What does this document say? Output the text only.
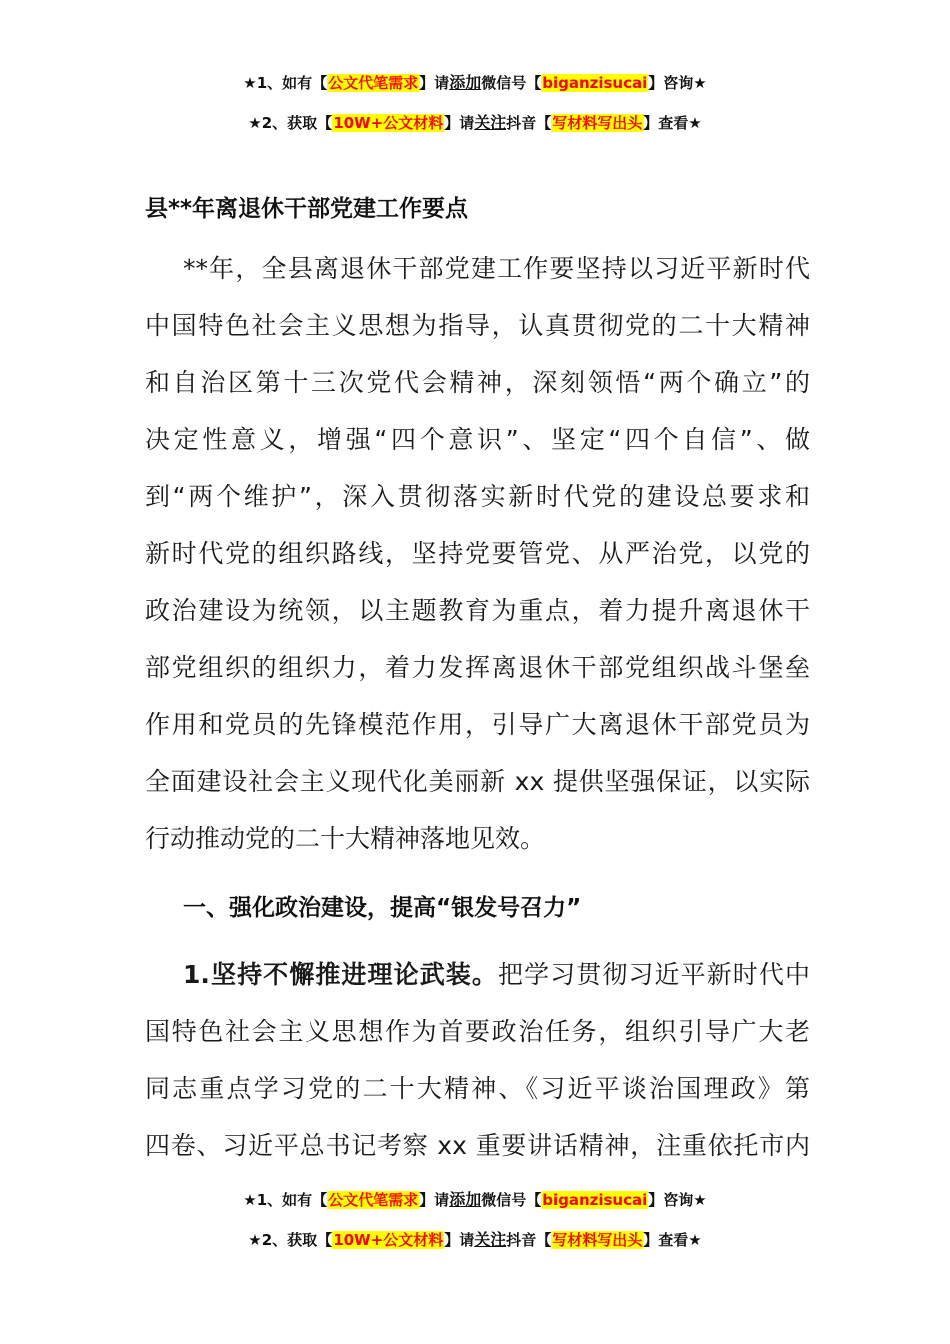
★1、如有【公文代笔需求】请添加微信号【biganzisucai】咨询★
★2、获取【10W+公文材料】请关注抖音【写材料写出头】查看★
县**年离退休干部党建工作要点
**年，全县离退休干部党建工作要坚持以习近平新时代
中国特色社会主义思想为指导，认真贯彻党的二十大精神
和自治区第十三次党代会精神，深刻领悟“两个确立”的
决定性意义，增强“四个意识”、坚定“四个自信”、做
到“两个维护”，深入贯彻落实新时代党的建设总要求和
新时代党的组织路线，坚持党要管党、从严治党，以党的
政治建设为统领，以主题教育为重点，着力提升离退休干
部党组织的组织力，着力发挥离退休干部党组织战斗堡垒
作用和党员的先锋模范作用，引导广大离退休干部党员为
全面建设社会主义现代化美丽新 xx 提供坚强保证，以实际
行动推动党的二十大精神落地见效。
一、强化政治建设，提高“银发号召力”
1.坚持不懈推进理论武装。把学习贯彻习近平新时代中
国特色社会主义思想作为首要政治任务，组织引导广大老
同志重点学习党的二十大精神、《习近平谈治国理政》第
四卷、习近平总书记考察 xx 重要讲话精神，注重依托市内
★1、如有【公文代笔需求】请添加微信号【biganzisucai】咨询★
★2、获取【10W+公文材料】请关注抖音【写材料写出头】查看★
